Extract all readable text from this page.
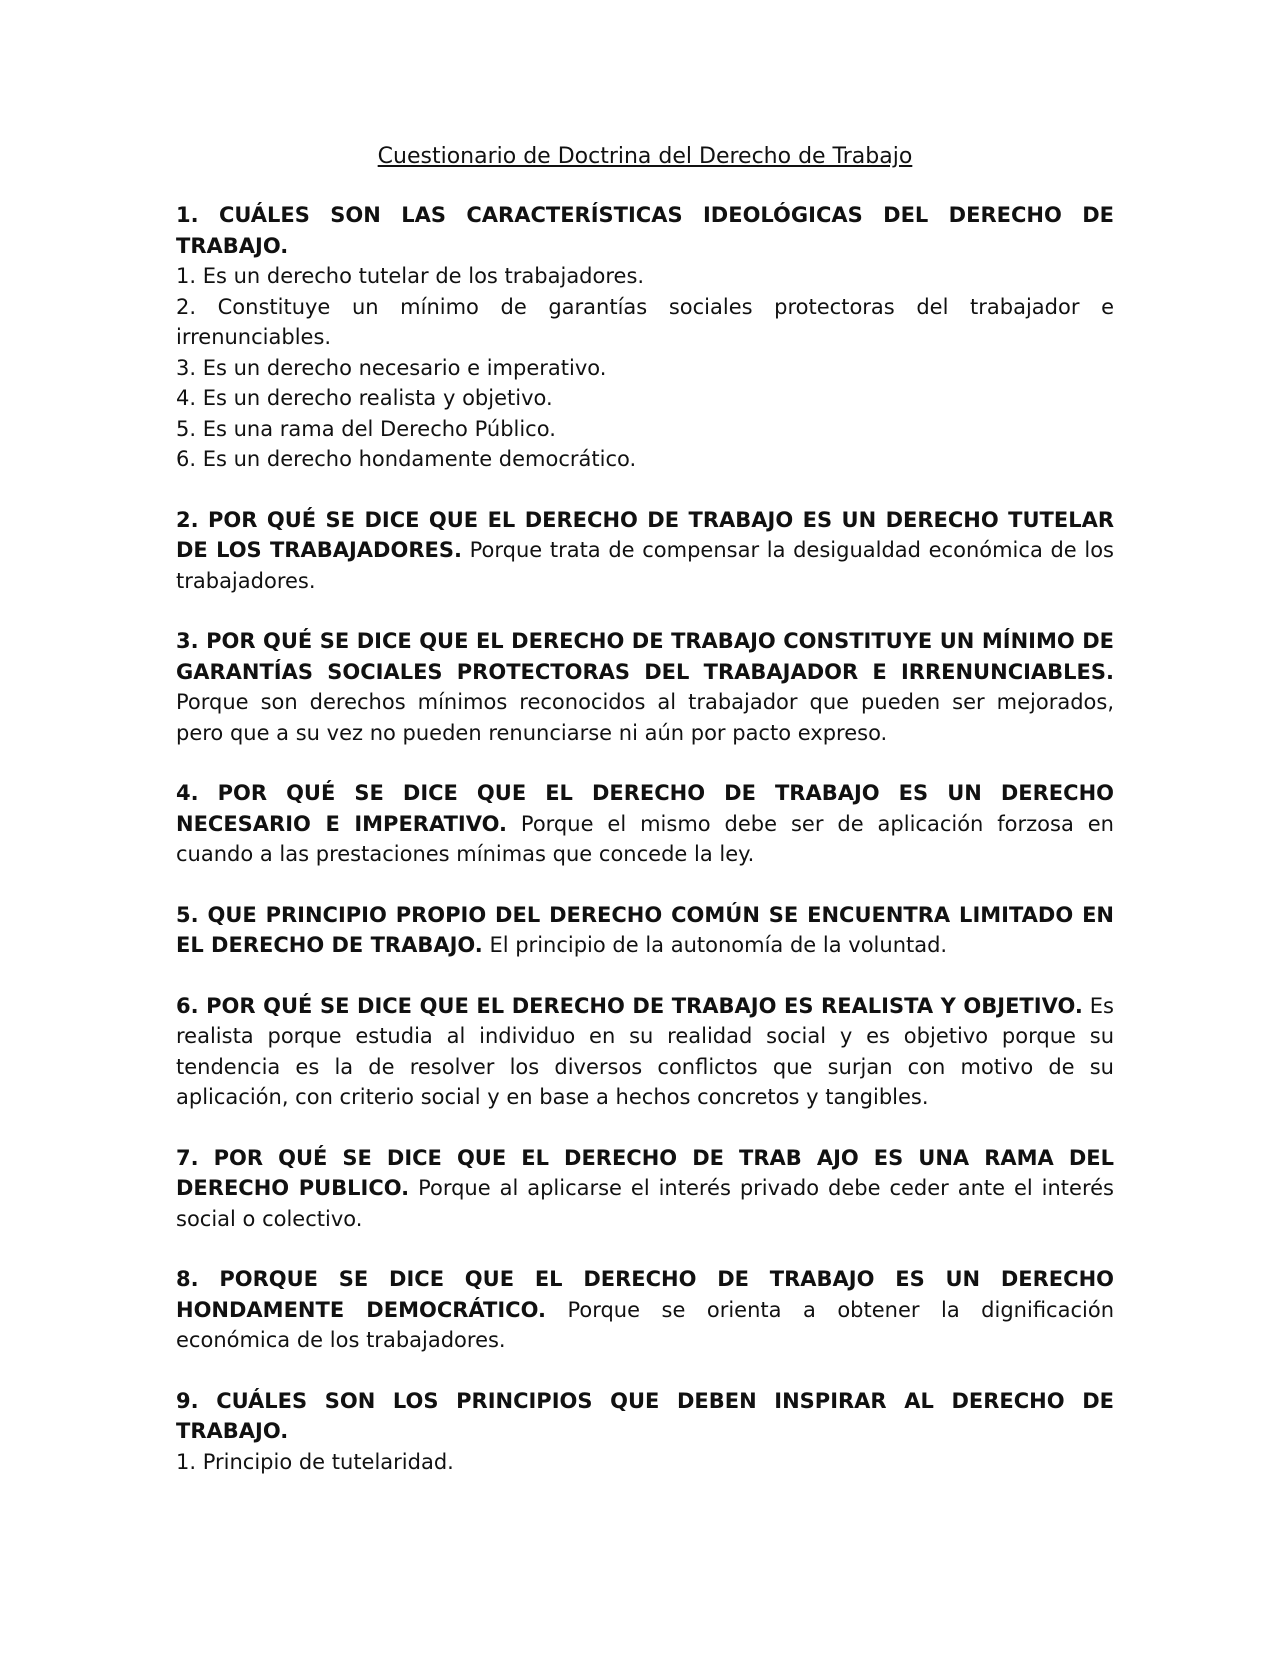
Cuestionario de Doctrina del Derecho de Trabajo

1. CUÁLES SON LAS CARACTERÍSTICAS IDEOLÓGICAS DEL DERECHO DE TRABAJO.

1. Es un derecho tutelar de los trabajadores.

2. Constituye un mínimo de garantías sociales protectoras del trabajador e irrenunciables.

3. Es un derecho necesario e imperativo.

4. Es un derecho realista y objetivo.

5. Es una rama del Derecho Público.

6. Es un derecho hondamente democrático.

2. POR QUÉ SE DICE QUE EL DERECHO DE TRABAJO ES UN DERECHO TUTELAR DE LOS TRABAJADORES. Porque trata de compensar la desigualdad económica de los trabajadores.

3. POR QUÉ SE DICE QUE EL DERECHO DE TRABAJO CONSTITUYE UN MÍNIMO DE GARANTÍAS SOCIALES PROTECTORAS DEL TRABAJADOR E IRRENUNCIABLES. Porque son derechos mínimos reconocidos al trabajador que pueden ser mejorados, pero que a su vez no pueden renunciarse ni aún por pacto expreso.

4. POR QUÉ SE DICE QUE EL DERECHO DE TRABAJO ES UN DERECHO NECESARIO E IMPERATIVO. Porque el mismo debe ser de aplicación forzosa en cuando a las prestaciones mínimas que concede la ley.

5. QUE PRINCIPIO PROPIO DEL DERECHO COMÚN SE ENCUENTRA LIMITADO EN EL DERECHO DE TRABAJO. El principio de la autonomía de la voluntad.

6. POR QUÉ SE DICE QUE EL DERECHO DE TRABAJO ES REALISTA Y OBJETIVO. Es realista porque estudia al individuo en su realidad social y es objetivo porque su tendencia es la de resolver los diversos conflictos que surjan con motivo de su aplicación, con criterio social y en base a hechos concretos y tangibles.

7. POR QUÉ SE DICE QUE EL DERECHO DE TRAB AJO ES UNA RAMA DEL DERECHO PUBLICO. Porque al aplicarse el interés privado debe ceder ante el interés social o colectivo.

8. PORQUE SE DICE QUE EL DERECHO DE TRABAJO ES UN DERECHO HONDAMENTE DEMOCRÁTICO. Porque se orienta a obtener la dignificación económica de los trabajadores.

9. CUÁLES SON LOS PRINCIPIOS QUE DEBEN INSPIRAR AL DERECHO DE TRABAJO.

1. Principio de tutelaridad.
